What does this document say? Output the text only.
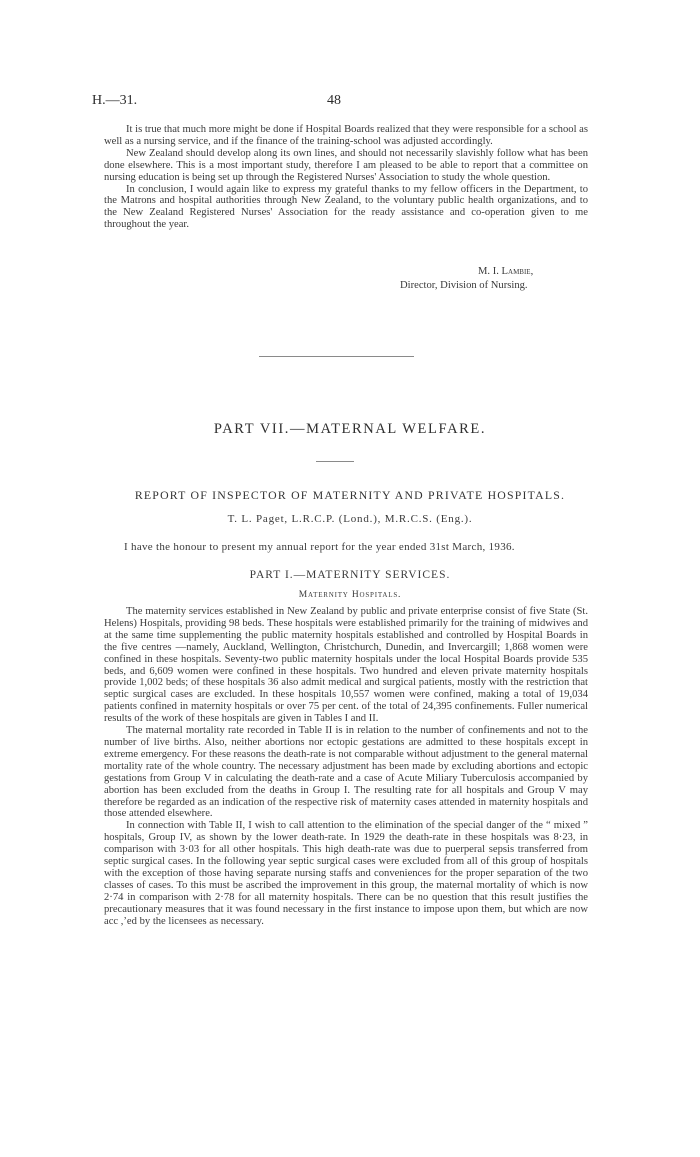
H.—31.	48

It is true that much more might be done if Hospital Boards realized that they were responsible for a school as well as a nursing service, and if the finance of the training-school was adjusted accordingly.

New Zealand should develop along its own lines, and should not necessarily slavishly follow what has been done elsewhere. This is a most important study, therefore I am pleased to be able to report that a committee on nursing education is being set up through the Registered Nurses' Association to study the whole question.

In conclusion, I would again like to express my grateful thanks to my fellow officers in the Department, to the Matrons and hospital authorities through New Zealand, to the voluntary public health organizations, and to the New Zealand Registered Nurses' Association for the ready assistance and co-operation given to me throughout the year.

M. I. Lambie,
Director, Division of Nursing.
PART VII.—MATERNAL WELFARE.
REPORT OF INSPECTOR OF MATERNITY AND PRIVATE HOSPITALS.
T. L. Paget, L.R.C.P. (Lond.), M.R.C.S. (Eng.).
I have the honour to present my annual report for the year ended 31st March, 1936.
PART I.—MATERNITY SERVICES.
Maternity Hospitals.

The maternity services established in New Zealand by public and private enterprise consist of five State (St. Helens) Hospitals, providing 98 beds. These hospitals were established primarily for the training of midwives and at the same time supplementing the public maternity hospitals established and controlled by Hospital Boards in the five centres —namely, Auckland, Wellington, Christchurch, Dunedin, and Invercargill; 1,868 women were confined in these hospitals. Seventy-two public maternity hospitals under the local Hospital Boards provide 535 beds, and 6,609 women were confined in these hospitals. Two hundred and eleven private maternity hospitals provide 1,002 beds; of these hospitals 36 also admit medical and surgical patients, mostly with the restriction that septic surgical cases are excluded. In these hospitals 10,557 women were confined, making a total of 19,034 patients confined in maternity hospitals or over 75 per cent. of the total of 24,395 confinements. Fuller numerical results of the work of these hospitals are given in Tables I and II.

The maternal mortality rate recorded in Table II is in relation to the number of confinements and not to the number of live births. Also, neither abortions nor ectopic gestations are admitted to these hospitals except in extreme emergency. For these reasons the death-rate is not comparable without adjustment to the general maternal mortality rate of the whole country. The necessary adjustment has been made by excluding abortions and ectopic gestations from Group V in calculating the death-rate and a case of Acute Miliary Tuberculosis accompanied by abortion has been excluded from the deaths in Group I. The resulting rate for all hospitals and Group V may therefore be regarded as an indication of the respective risk of maternity cases attended in maternity hospitals and those attended elsewhere.

In connection with Table II, I wish to call attention to the elimination of the special danger of the “ mixed ” hospitals, Group IV, as shown by the lower death-rate. In 1929 the death-rate in these hospitals was 8·23, in comparison with 3·03 for all other hospitals. This high death-rate was due to puerperal sepsis transferred from septic surgical cases. In the following year septic surgical cases were excluded from all of this group of hospitals with the exception of those having separate nursing staffs and conveniences for the proper separation of the two classes of cases. To this must be ascribed the improvement in this group, the maternal mortality of which is now 2·74 in comparison with 2·78 for all maternity hospitals. There can be no question that this result justifies the precautionary measures that it was found necessary in the first instance to impose upon them, but which are now acc ,’ed by the licensees as necessary.
